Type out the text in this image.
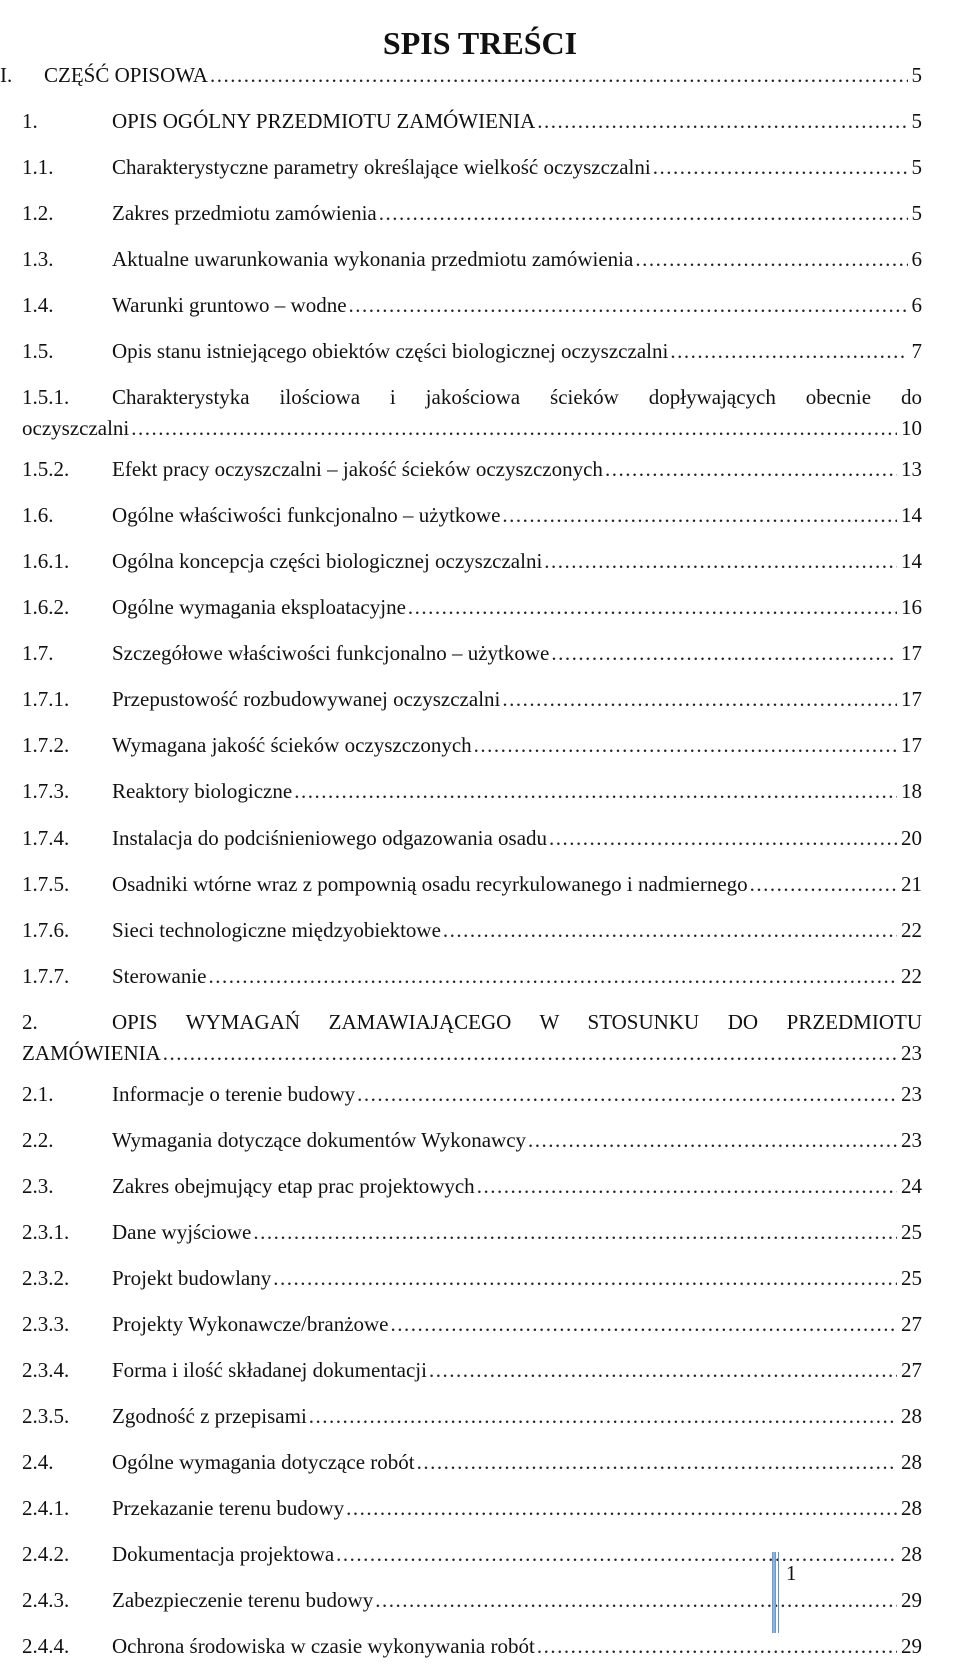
SPIS TREŚCI
I.	CZĘŚĆ OPISOWA .....	5
1.	OPIS OGÓLNY PRZEDMIOTU ZAMÓWIENIA .....	5
1.1.	Charakterystyczne parametry określające wielkość oczyszczalni .....	5
1.2.	Zakres przedmiotu zamówienia .....	5
1.3.	Aktualne uwarunkowania wykonania przedmiotu zamówienia .....	6
1.4.	Warunki gruntowo – wodne .....	6
1.5.	Opis stanu istniejącego obiektów części biologicznej oczyszczalni .....	7
1.5.1.	Charakterystyka ilościowa i jakościowa ścieków dopływających obecnie do
oczyszczalni .....	10
1.5.2.	Efekt pracy oczyszczalni – jakość ścieków oczyszczonych .....	13
1.6.	Ogólne właściwości funkcjonalno – użytkowe .....	14
1.6.1.	Ogólna koncepcja części biologicznej oczyszczalni .....	14
1.6.2.	Ogólne wymagania eksploatacyjne .....	16
1.7.	Szczegółowe właściwości funkcjonalno – użytkowe .....	17
1.7.1.	Przepustowość rozbudowywanej oczyszczalni .....	17
1.7.2.	Wymagana jakość ścieków oczyszczonych .....	17
1.7.3.	Reaktory biologiczne .....	18
1.7.4.	Instalacja do podciśnieniowego odgazowania osadu .....	20
1.7.5.	Osadniki wtórne wraz z pompownią osadu recyrkulowanego i nadmiernego .....	21
1.7.6.	Sieci technologiczne międzyobiektowe .....	22
1.7.7.	Sterowanie .....	22
2.	OPIS WYMAGAŃ ZAMAWIAJĄCEGO W STOSUNKU DO PRZEDMIOTU
ZAMÓWIENIA .....	23
2.1.	Informacje o terenie budowy .....	23
2.2.	Wymagania dotyczące dokumentów Wykonawcy .....	23
2.3.	Zakres obejmujący etap prac projektowych .....	24
2.3.1.	Dane wyjściowe .....	25
2.3.2.	Projekt budowlany .....	25
2.3.3.	Projekty Wykonawcze/branżowe .....	27
2.3.4.	Forma i ilość składanej dokumentacji .....	27
2.3.5.	Zgodność z przepisami .....	28
2.4.	Ogólne wymagania dotyczące robót .....	28
2.4.1.	Przekazanie terenu budowy .....	28
2.4.2.	Dokumentacja projektowa .....	28
2.4.3.	Zabezpieczenie terenu budowy .....	29
2.4.4.	Ochrona środowiska w czasie wykonywania robót .....	29
1
